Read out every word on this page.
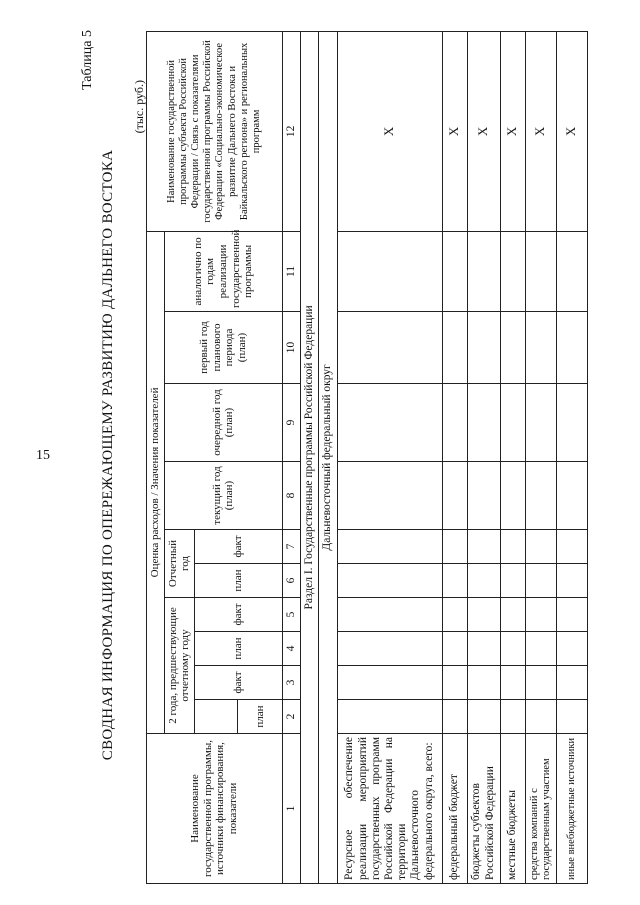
15
Таблица 5
СВОДНАЯ ИНФОРМАЦИЯ ПО ОПЕРЕЖАЮЩЕМУ РАЗВИТИЮ ДАЛЬНЕГО ВОСТОКА
(тыс. руб.)
Наименование государственной программы, источники финансирования, показатели	Оценка расходов / Значения показателей										Наименование государственной программы субъекта Российской Федерации / Связь с показателями государственной программы Российской Федерации «Социально-экономическое развитие Дальнего Востока и Байкальского региона» и региональных программ
	2 года, предшествующие отчетному году				Отчетный год		текущий год (план)	очередной год (план)	первый год планового периода (план)	аналогично по годам реализации государственной программы	
		факт	план	факт	план	факт					
	план										
1	2	3	4	5	6	7	8	9	10	11	12
Раздел I. Государственные программы Российской Федерации											
Дальневосточный федеральный округ											
Ресурсное обеспечение реализации мероприятий государственных программ Российской Федерации на территории Дальневосточного федерального округа, всего:											X
федеральный бюджет											X
бюджеты субъектов Российской Федерации											X
местные бюджеты											X
средства компаний с государственным участием											X
иные внебюджетные источники											X
